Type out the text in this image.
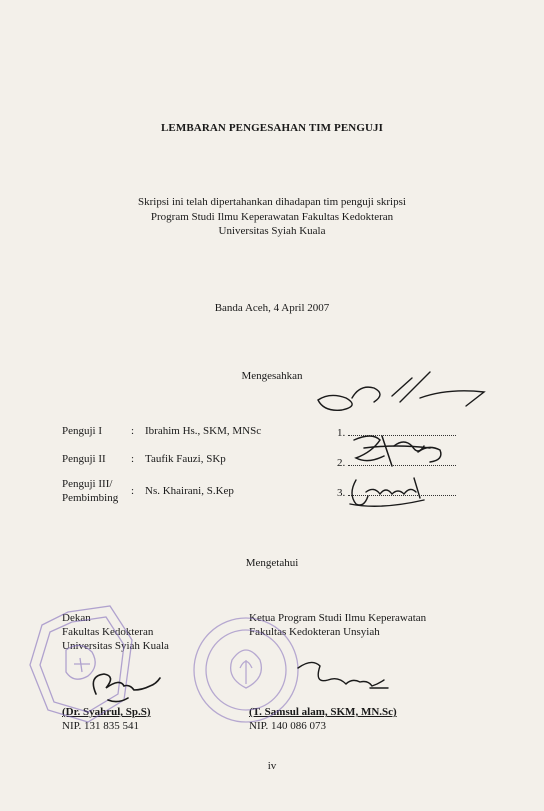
LEMBARAN PENGESAHAN TIM PENGUJI
Skripsi ini telah dipertahankan dihadapan tim penguji skripsi
Program Studi Ilmu Keperawatan Fakultas Kedokteran
Universitas Syiah Kuala
Banda Aceh, 4 April 2007
Mengesahkan
Penguji I	: Ibrahim Hs., SKM, MNSc	1.
Penguji II : Taufik Fauzi, SKp	2.
Penguji III/
Pembimbing
: Ns. Khairani, S.Kep	3.
Mengetahui
Dekan
Fakultas Kedokteran
Universitas Syiah Kuala
(Dr. Syahrul, Sp.S)
NIP. 131 835 541
Ketua Program Studi Ilmu Keperawatan
Fakultas Kedokteran Unsyiah
(T. Samsul alam, SKM, MN.Sc)
NIP. 140 086 073
iv
